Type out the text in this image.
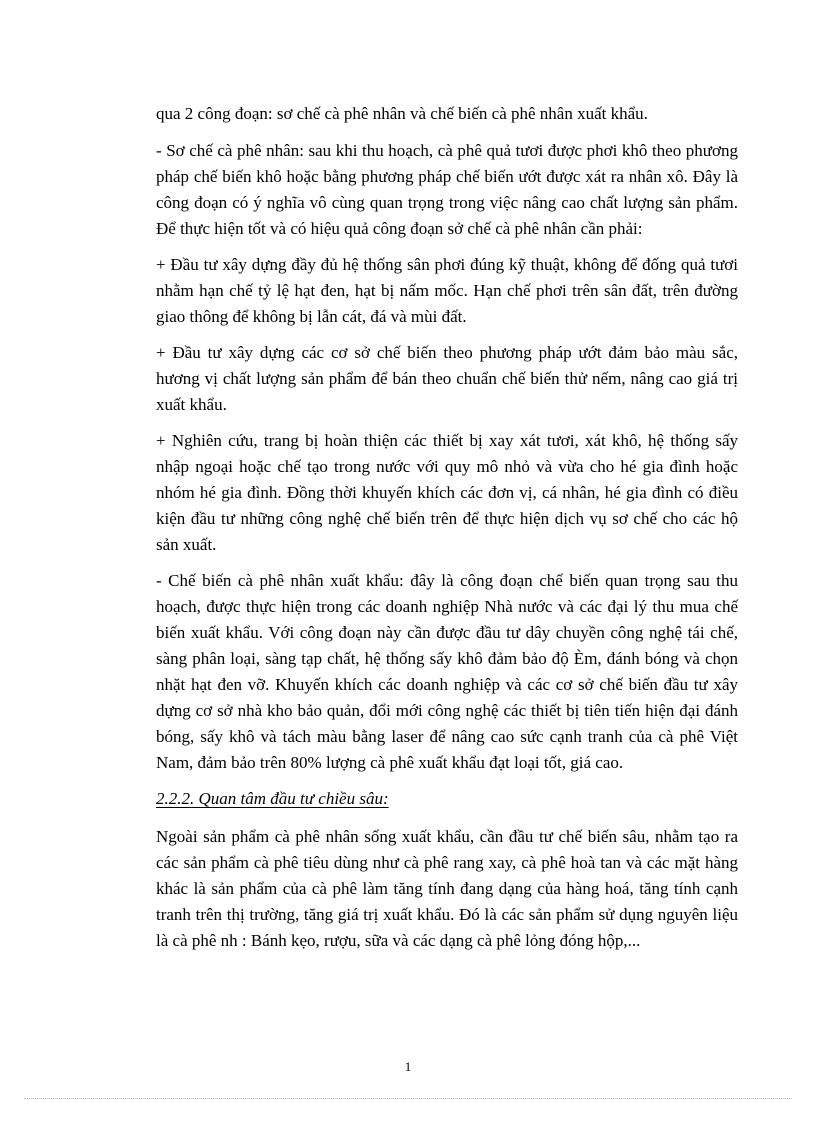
qua 2 công đoạn: sơ chế cà phê nhân và chế biến cà phê nhân xuất khẩu.

- Sơ chế cà phê nhân: sau khi thu hoạch, cà phê quả tươi được phơi khô theo phương pháp chế biến khô hoặc bằng phương pháp chế biến ướt được xát ra nhân xô. Đây là công đoạn có ý nghĩa vô cùng quan trọng trong việc nâng cao chất lượng sản phẩm. Để thực hiện tốt và có hiệu quả công đoạn sở chế cà phê nhân cần phải:

+ Đầu tư xây dựng đầy đủ hệ thống sân phơi đúng kỹ thuật, không để đống quả tươi nhằm hạn chế tỷ lệ hạt đen, hạt bị nấm mốc. Hạn chế phơi trên sân đất, trên đường giao thông để không bị lẫn cát, đá và mùi đất.

+ Đầu tư xây dựng các cơ sở chế biến theo phương pháp ướt đảm bảo màu sắc, hương vị chất lượng sản phẩm để bán theo chuẩn chế biến thử nếm, nâng cao giá trị xuất khẩu.

+ Nghiên cứu, trang bị hoàn thiện các thiết bị xay xát tươi, xát khô, hệ thống sấy nhập ngoại hoặc chế tạo trong nước với quy mô nhỏ và vừa cho hé gia đình hoặc nhóm hé gia đình. Đồng thời khuyến khích các đơn vị, cá nhân, hé gia đình có điều kiện đầu tư những công nghệ chế biến trên để thực hiện dịch vụ sơ chế cho các hộ sản xuất.

- Chế biến cà phê nhân xuất khẩu: đây là công đoạn chế biến quan trọng sau thu hoạch, được thực hiện trong các doanh nghiệp Nhà nước và các đại lý thu mua chế biến xuất khẩu. Với công đoạn này cần được đầu tư dây chuyền công nghệ tái chế, sàng phân loại, sàng tạp chất, hệ thống sấy khô đảm bảo độ Èm, đánh bóng và chọn nhặt hạt đen vỡ. Khuyến khích các doanh nghiệp và các cơ sở chế biến đầu tư xây dựng cơ sở nhà kho bảo quản, đổi mới công nghệ các thiết bị tiên tiến hiện đại đánh bóng, sấy khô và tách màu bằng laser để nâng cao sức cạnh tranh của cà phê Việt Nam, đảm bảo trên 80% lượng cà phê xuất khẩu đạt loại tốt, giá cao.

2.2.2. Quan tâm đầu tư chiều sâu:

Ngoài sản phẩm cà phê nhân sống xuất khẩu, cần đầu tư chế biến sâu, nhằm tạo ra các sản phẩm cà phê tiêu dùng như cà phê rang xay, cà phê hoà tan và các mặt hàng khác là sản phẩm của cà phê làm tăng tính đang dạng của hàng hoá, tăng tính cạnh tranh trên thị trường, tăng giá trị xuất khẩu. Đó là các sản phẩm sử dụng nguyên liệu là cà phê nh : Bánh kẹo, rượu, sữa và các dạng cà phê lỏng đóng hộp,...

1
